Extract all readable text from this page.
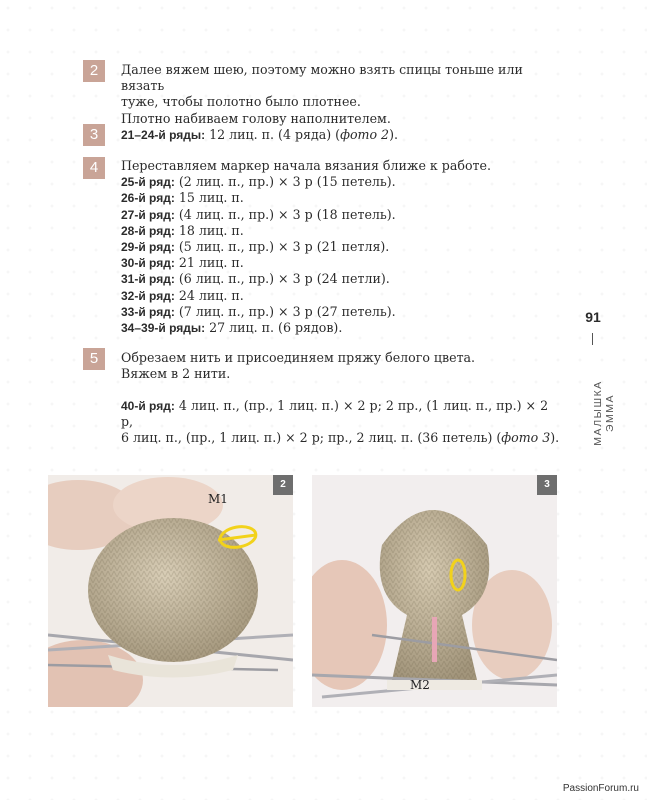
2	Далее вяжем шею, поэтому можно взять спицы тоньше или вязать

туже, чтобы полотно было плотнее.

Плотно набиваем голову наполнителем.

3	21–24-й ряды: 12 лиц. п. (4 ряда) (фото 2).

4	Переставляем маркер начала вязания ближе к работе.

25-й ряд: (2 лиц. п., пр.) × 3 р (15 петель).

26-й ряд: 15 лиц. п.

27-й ряд: (4 лиц. п., пр.) × 3 р (18 петель).

28-й ряд: 18 лиц. п.

29-й ряд: (5 лиц. п., пр.) × 3 р (21 петля).

30-й ряд: 21 лиц. п.

31-й ряд: (6 лиц. п., пр.) × 3 р (24 петли).

32-й ряд: 24 лиц. п.

33-й ряд: (7 лиц. п., пр.) × 3 р (27 петель).

34–39-й ряды: 27 лиц. п. (6 рядов).

5	Обрезаем нить и присоединяем пряжу белого цвета.

Вяжем в 2 нити.

40-й ряд: 4 лиц. п., (пр., 1 лиц. п.) × 2 р; 2 пр., (1 лиц. п., пр.) × 2 р,

6 лиц. п., (пр., 1 лиц. п.) × 2 р; пр., 2 лиц. п. (36 петель) (фото 3).

91
МАЛЫШКА ЭММА
2
M1
3
M2
PassionForum.ru
